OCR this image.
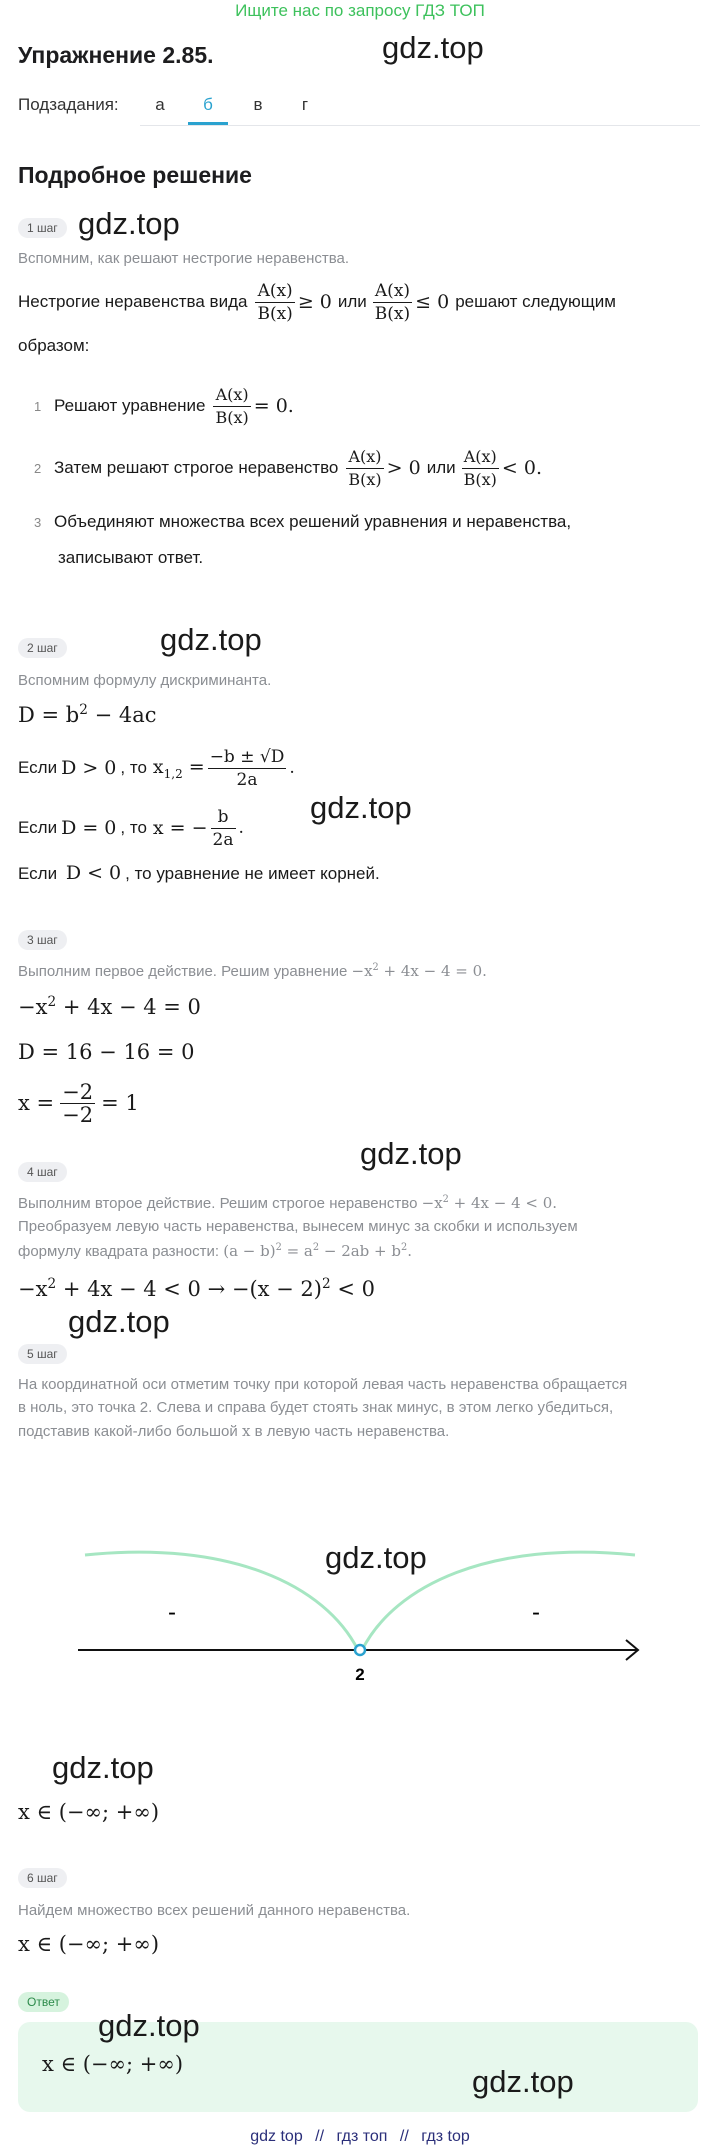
Ищите нас по запросу ГДЗ ТОП
Упражнение 2.85.	gdz.top
Подзадания:	а	б	в	г
Подробное решение
1 шаг gdz.top
Вспомним, как решают нестрогие неравенства.
Нестрогие неравенства вида $\frac{A(x)}{B(x)} \ge 0$ или $\frac{A(x)}{B(x)} \le 0$ решают следующим
образом:
1 Решают уравнение $\frac{A(x)}{B(x)} = 0$.
2 Затем решают строгое неравенство $\frac{A(x)}{B(x)} > 0$ или $\frac{A(x)}{B(x)} < 0$.
3 Объединяют множества всех решений уравнения и неравенства,
записывают ответ.
2 шаг	gdz.top
Вспомним формулу дискриминанта.
$D = b^2 - 4ac$
Если D > 0 , то $x_{1,2} = \frac{-b \pm √D}{2a}$ .
gdz.top
Если D = 0 , то x = − $\frac{b}{2a}$ .
Если D < 0 , то уравнение не имеет корней.
3 шаг
Выполним первое действие. Решим уравнение $-x^2 + 4x - 4 = 0$.
$-x^2 + 4x - 4 = 0$
D = 16 − 16 = 0
$x = \frac{-2}{-2} = 1$
gdz.top
4 шаг
Выполним второе действие. Решим строгое неравенство $-x^2 + 4x - 4 < 0$.
Преобразуем левую часть неравенства, вынесем минус за скобки и используем
формулу квадрата разности: $(a - b)^2 = a^2 - 2ab + b^2$.
$-x^2 + 4x - 4 < 0 \to -(x - 2)^2 < 0$
gdz.top
5 шаг
На координатной оси отметим точку при которой левая часть неравенства обращается
в ноль, это точка 2. Слева и справа будет стоять знак минус, в этом легко убедиться,
подставив какой-либо большой x в левую часть неравенства.
-	-
2
gdz.top
gdz.top
x ∈ (−∞; +∞)
6 шаг
Найдем множество всех решений данного неравенства.
x ∈ (−∞; +∞)
Ответ
x ∈ (−∞; +∞)
gdz.top
gdz.top
gdz top // гдз топ // гдз top
